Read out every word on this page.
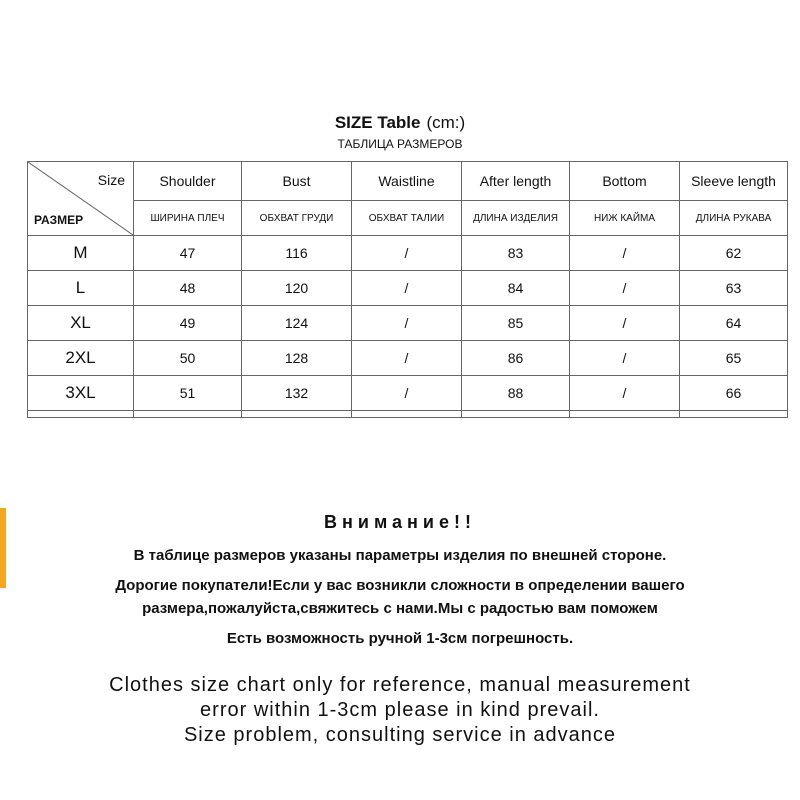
SIZE Table (cm:)
ТАБЛИЦА РАЗМЕРОВ
Size
РАЗМЕР	Shoulder	Bust	Waistline	After length	Bottom	Sleeve length
	ШИРИНА ПЛЕЧ	ОБХВАТ ГРУДИ	ОБХВАТ ТАЛИИ	ДЛИНА ИЗДЕЛИЯ	НИЖ КАЙМА	ДЛИНА РУКАВА
M	47	116	/	83	/	62
L	48	120	/	84	/	63
XL	49	124	/	85	/	64
2XL	50	128	/	86	/	65
3XL	51	132	/	88	/	66

Внимание!!
В таблице размеров указаны параметры изделия по внешней стороне.
Дорогие покупатели!Если у вас возникли сложности в определении вашего
размера,пожалуйста,свяжитесь с нами.Мы с радостью вам поможем
Есть возможность ручной 1-3см погрешность.
Clothes size chart only for reference, manual measurement
error within 1-3cm please in kind prevail.
Size problem, consulting service in advance
